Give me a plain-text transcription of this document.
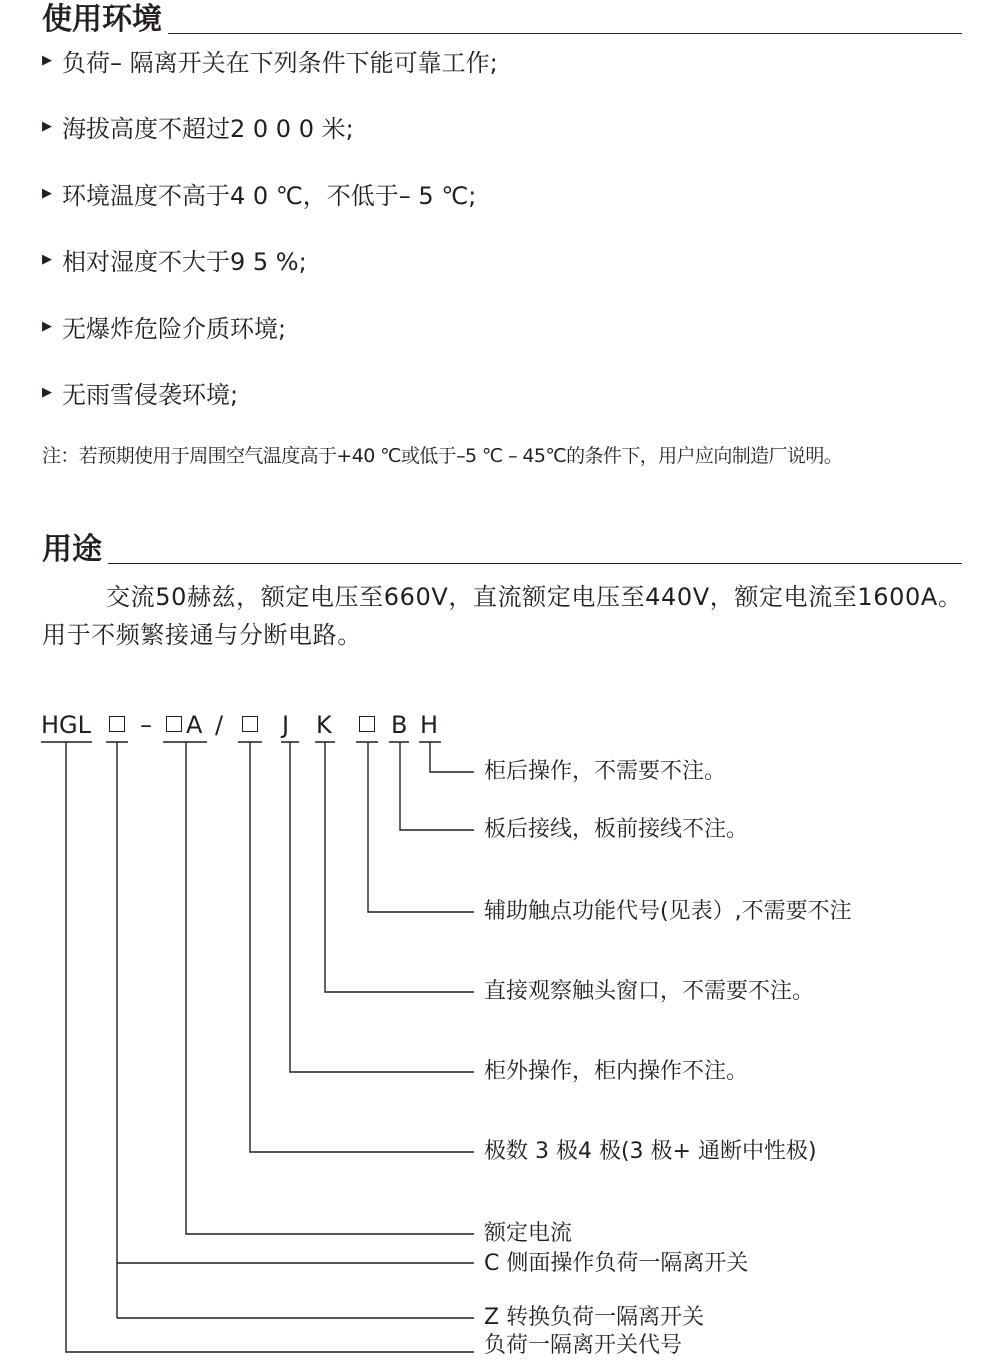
使用环境
▶ 负荷– 隔离开关在下列条件下能可靠工作;
▶ 海拔高度不超过2 0 0 0 米;
▶ 环境温度不高于4 0 ℃，不低于– 5 ℃;
▶ 相对湿度不大于9 5 %;
▶ 无爆炸危险介质环境;
▶ 无雨雪侵袭环境;
注：若预期使用于周围空气温度高于+40 ℃或低于–5 ℃ – 45℃的条件下，用户应向制造厂说明。
用途
交流50赫兹，额定电压至660V，直流额定电压至440V，额定电流至1600A。用于不频繁接通与分断电路。
HGL – A / J K B H
柜后操作，不需要不注。
板后接线，板前接线不注。
辅助触点功能代号(见表）,不需要不注
直接观察触头窗口，不需要不注。
柜外操作，柜内操作不注。
极数 3 极4 极(3 极+ 通断中性极)
额定电流
C 侧面操作负荷一隔离开关
Z 转换负荷一隔离开关
负荷一隔离开关代号
